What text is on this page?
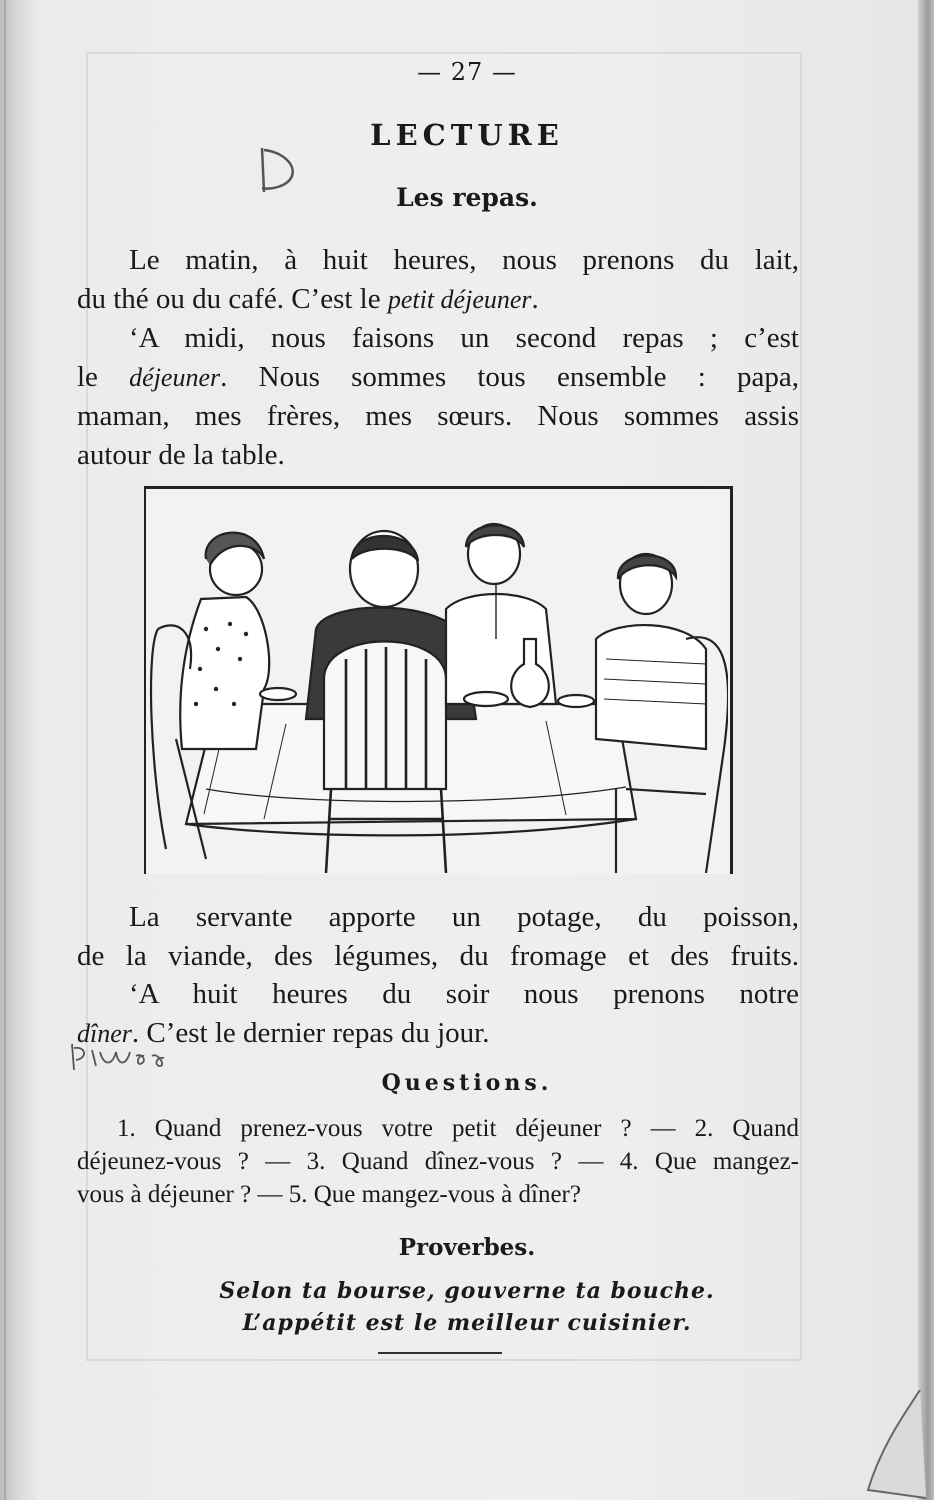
— 27 —
LECTURE
Les repas.
Le matin, à huit heures, nous prenons du lait,
du thé ou du café. C’est le petit déjeuner.
‘A midi, nous faisons un second repas ; c’est
le déjeuner. Nous sommes tous ensemble : papa,
maman, mes frères, mes sœurs. Nous sommes assis
autour de la table.
La servante apporte un potage, du poisson,
de la viande, des légumes, du fromage et des fruits.
‘A huit heures du soir nous prenons notre
dîner. C’est le dernier repas du jour.
Questions.
1. Quand prenez-vous votre petit déjeuner ? — 2. Quand
déjeunez-vous ? — 3. Quand dînez-vous ? — 4. Que mangez-
vous à déjeuner ? — 5. Que mangez-vous à dîner?
Proverbes.
Selon ta bourse, gouverne ta bouche.
L’appétit est le meilleur cuisinier.
